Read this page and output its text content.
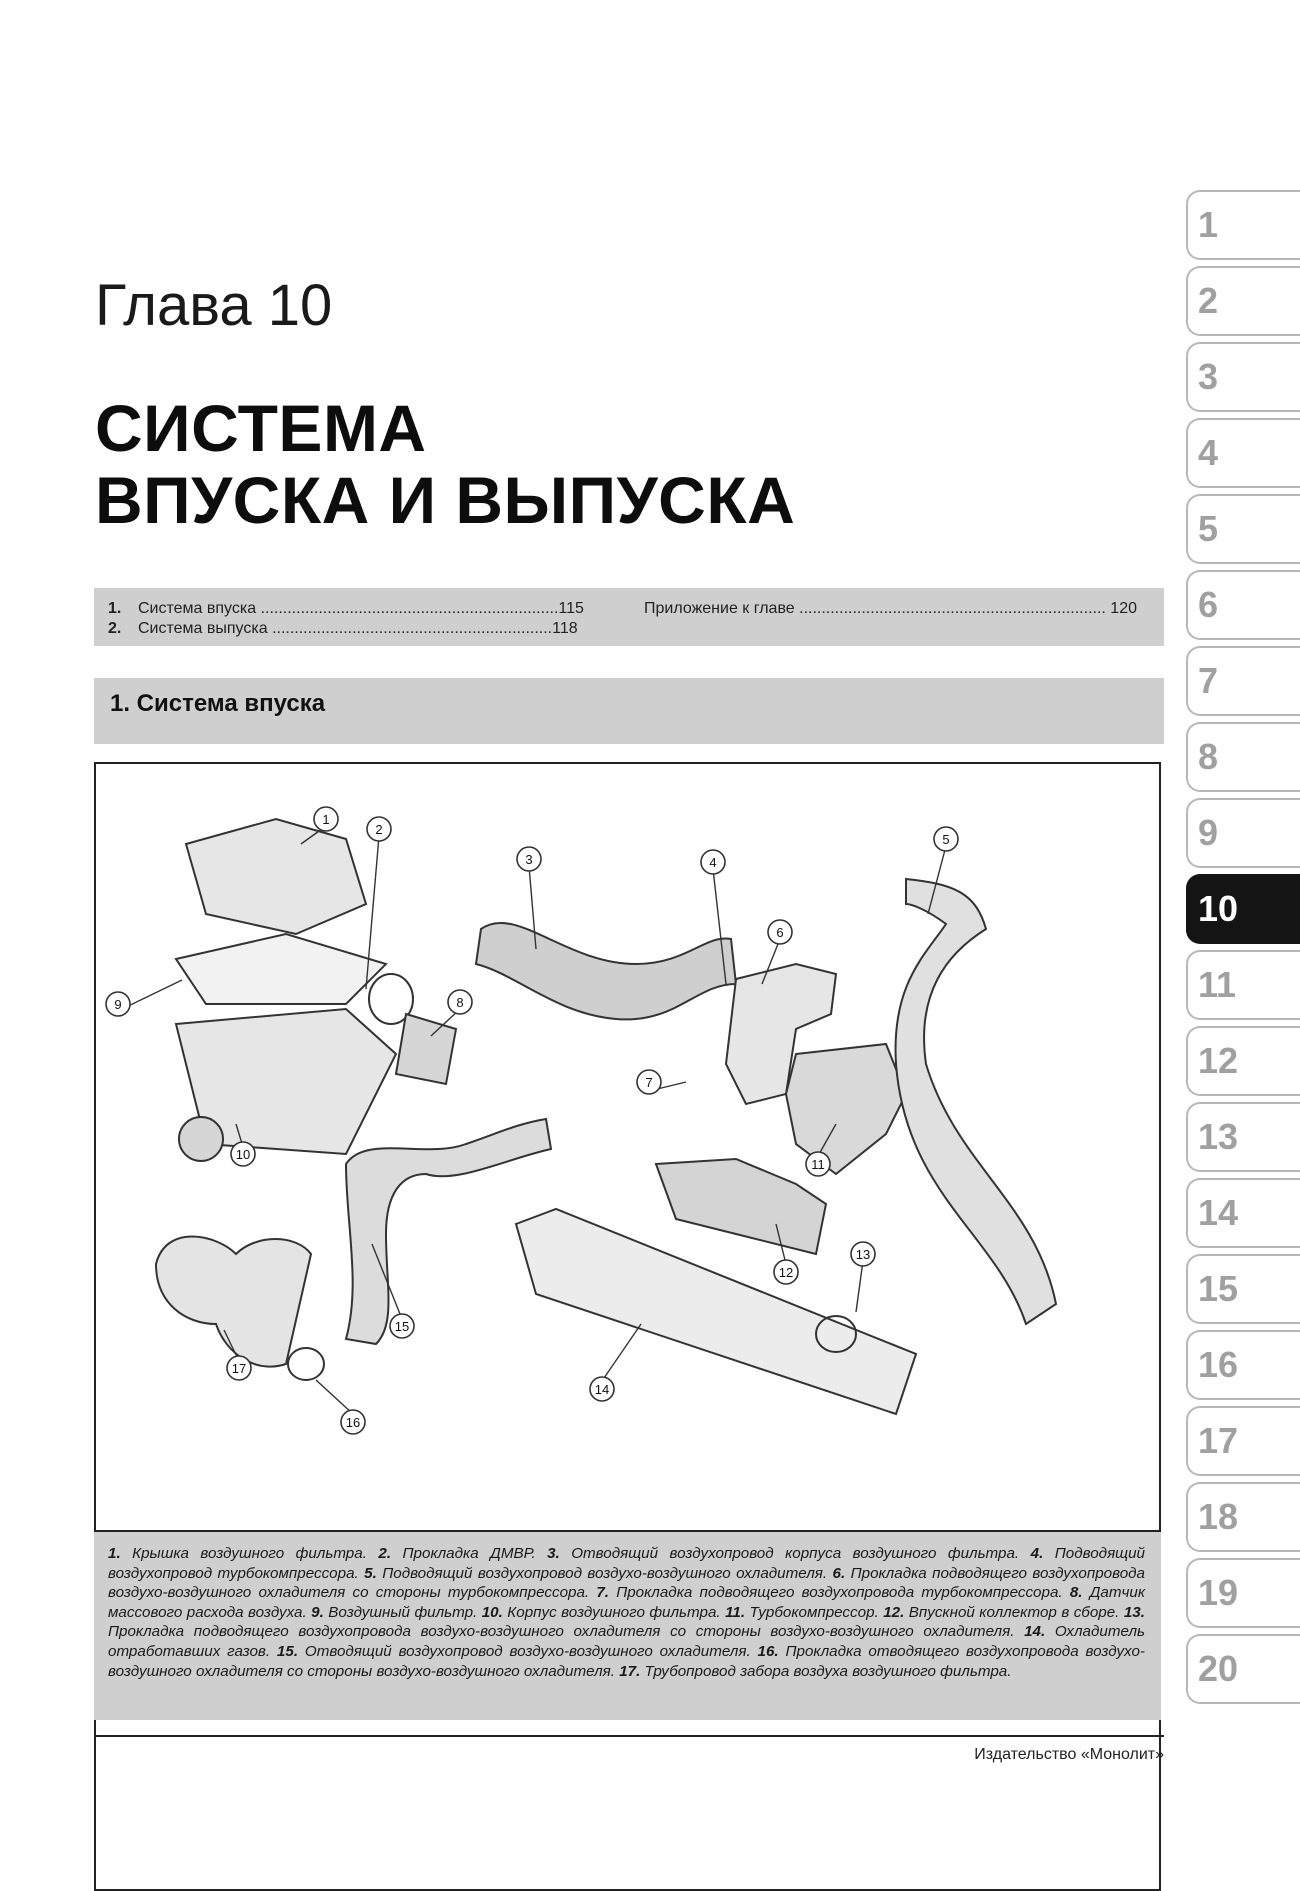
Глава 10
СИСТЕМА
ВПУСКА И ВЫПУСКА
1. Система впуска ...................................................................115
2. Система выпуска ...............................................................118
Приложение к главе ..................................................................... 120
1. Система впуска
1
2
3	4
5
6
7
8
9
10
11
12
13
14
15
16
17
1. Крышка воздушного фильтра. 2. Прокладка ДМВР. 3. Отводящий воздухопровод корпуса воздушного фильтра. 4. Подводящий воздухопровод турбокомпрессора. 5. Подводящий воздухопровод воздухо-воздушного охладителя. 6. Прокладка подводящего воздухопровода воздухо-воздушного охладителя со стороны турбокомпрессора. 7. Прокладка подводящего воздухопровода турбокомпрессора. 8. Датчик массового расхода воздуха. 9. Воздушный фильтр. 10. Корпус воздушного фильтра. 11. Турбокомпрессор. 12. Впускной коллектор в сборе. 13. Прокладка подводящего воздухопровода воздухо-воздушного охладителя со стороны воздухо-воздушного охладителя. 14. Охладитель отработавших газов. 15. Отводящий воздухопровод воздухо-воздушного охладителя. 16. Прокладка отводящего воздухопровода воздухо-воздушного охладителя со стороны воздухо-воздушного охладителя. 17. Трубопровод забора воздуха воздушного фильтра.
Издательство «Монолит»
1
2
3
4
5
6
7
8
9
10
11
12
13
14
15
16
17
18
19
20
